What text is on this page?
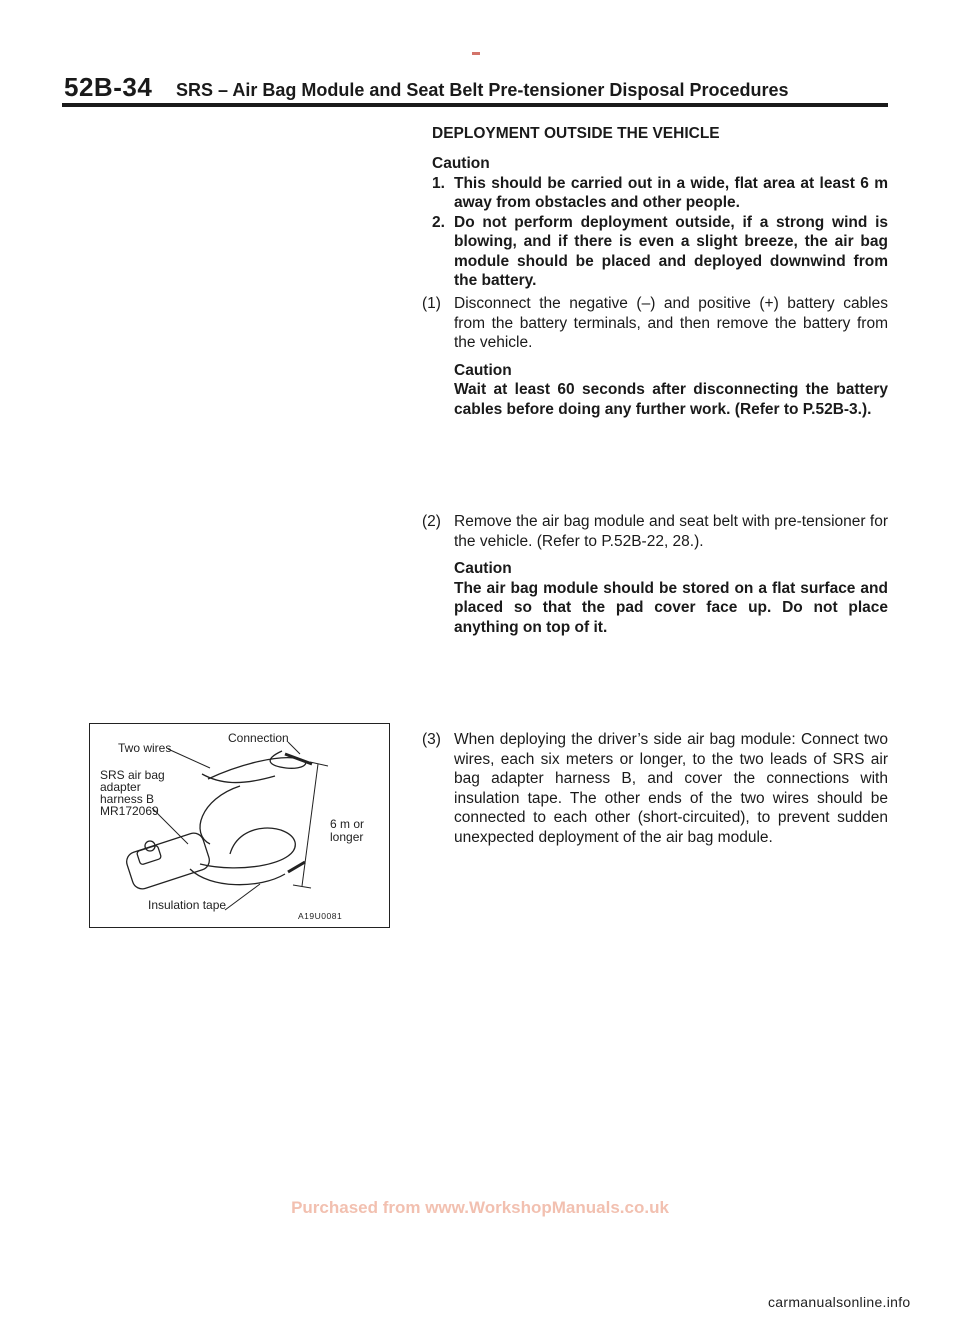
52B-34 SRS – Air Bag Module and Seat Belt Pre-tensioner Disposal Procedures
DEPLOYMENT OUTSIDE THE VEHICLE
Caution
1. This should be carried out in a wide, flat area at least 6 m away from obstacles and other people.
2. Do not perform deployment outside, if a strong wind is blowing, and if there is even a slight breeze, the air bag module should be placed and deployed downwind from the battery.
(1) Disconnect the negative (–) and positive (+) battery cables from the battery terminals, and then remove the battery from the vehicle.
Caution
Wait at least 60 seconds after disconnecting the battery cables before doing any further work. (Refer to P.52B-3.).
(2) Remove the air bag module and seat belt with pre-tensioner for the vehicle. (Refer to P.52B-22, 28.).
Caution
The air bag module should be stored on a flat surface and placed so that the pad cover face up. Do not place anything on top of it.
(3) When deploying the driver’s side air bag module: Connect two wires, each six meters or longer, to the two leads of SRS air bag adapter harness B, and cover the connections with insulation tape. The other ends of the two wires should be connected to each other (short-circuited), to prevent sudden unexpected deployment of the air bag module.
Two wires
Connection
SRS air bag
adapter
harness B
MR172069
6 m or
longer
Insulation tape
A19U0081
Purchased from www.WorkshopManuals.co.uk
carmanualsonline.info
